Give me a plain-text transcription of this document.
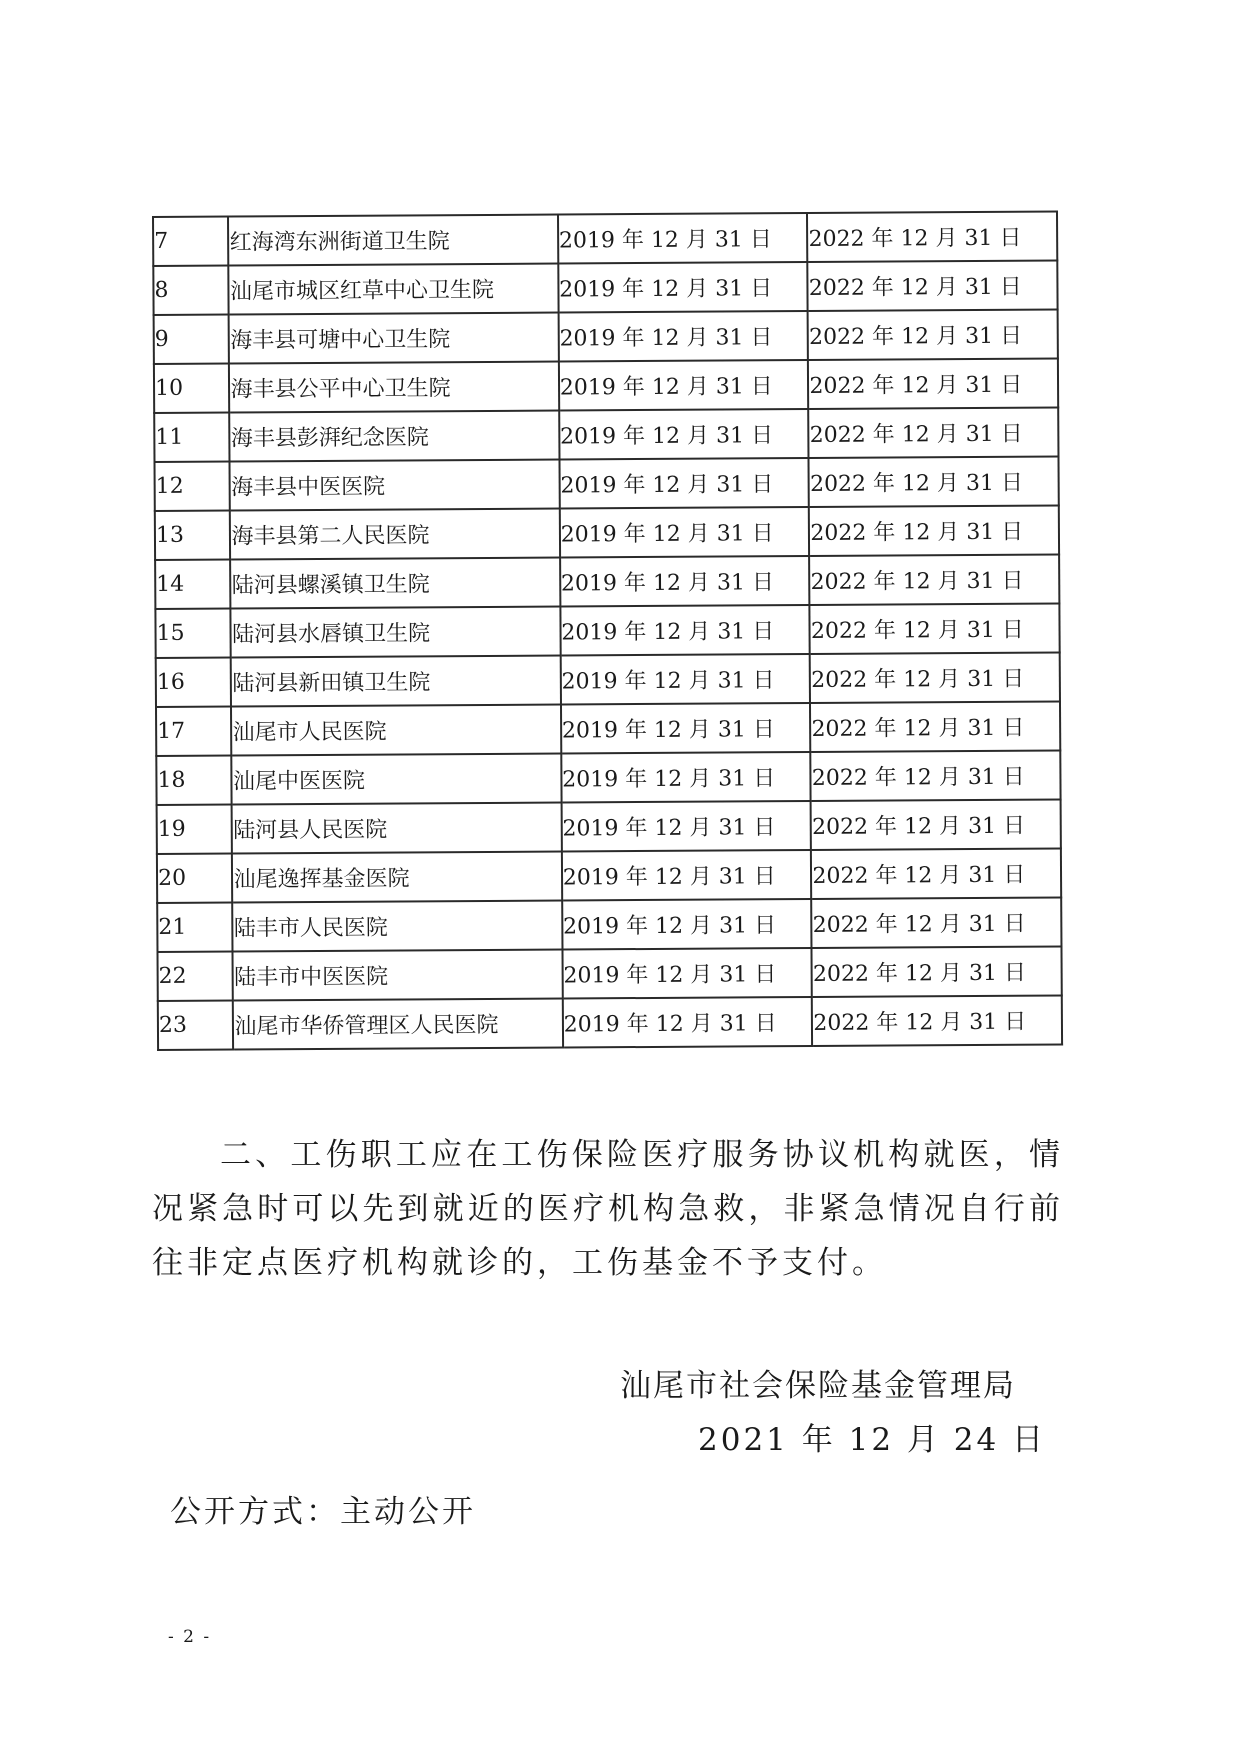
7	红海湾东洲街道卫生院	2019 年 12 月 31 日	2022 年 12 月 31 日
8	汕尾市城区红草中心卫生院	2019 年 12 月 31 日	2022 年 12 月 31 日
9	海丰县可塘中心卫生院	2019 年 12 月 31 日	2022 年 12 月 31 日
10	海丰县公平中心卫生院	2019 年 12 月 31 日	2022 年 12 月 31 日
11	海丰县彭湃纪念医院	2019 年 12 月 31 日	2022 年 12 月 31 日
12	海丰县中医医院	2019 年 12 月 31 日	2022 年 12 月 31 日
13	海丰县第二人民医院	2019 年 12 月 31 日	2022 年 12 月 31 日
14	陆河县螺溪镇卫生院	2019 年 12 月 31 日	2022 年 12 月 31 日
15	陆河县水唇镇卫生院	2019 年 12 月 31 日	2022 年 12 月 31 日
16	陆河县新田镇卫生院	2019 年 12 月 31 日	2022 年 12 月 31 日
17	汕尾市人民医院	2019 年 12 月 31 日	2022 年 12 月 31 日
18	汕尾中医医院	2019 年 12 月 31 日	2022 年 12 月 31 日
19	陆河县人民医院	2019 年 12 月 31 日	2022 年 12 月 31 日
20	汕尾逸挥基金医院	2019 年 12 月 31 日	2022 年 12 月 31 日
21	陆丰市人民医院	2019 年 12 月 31 日	2022 年 12 月 31 日
22	陆丰市中医医院	2019 年 12 月 31 日	2022 年 12 月 31 日
23	汕尾市华侨管理区人民医院	2019 年 12 月 31 日	2022 年 12 月 31 日

二、工伤职工应在工伤保险医疗服务协议机构就医，情况紧急时可以先到就近的医疗机构急救，非紧急情况自行前往非定点医疗机构就诊的，工伤基金不予支付。

汕尾市社会保险基金管理局

2021 年 12 月 24 日

公开方式：主动公开

- 2 -
